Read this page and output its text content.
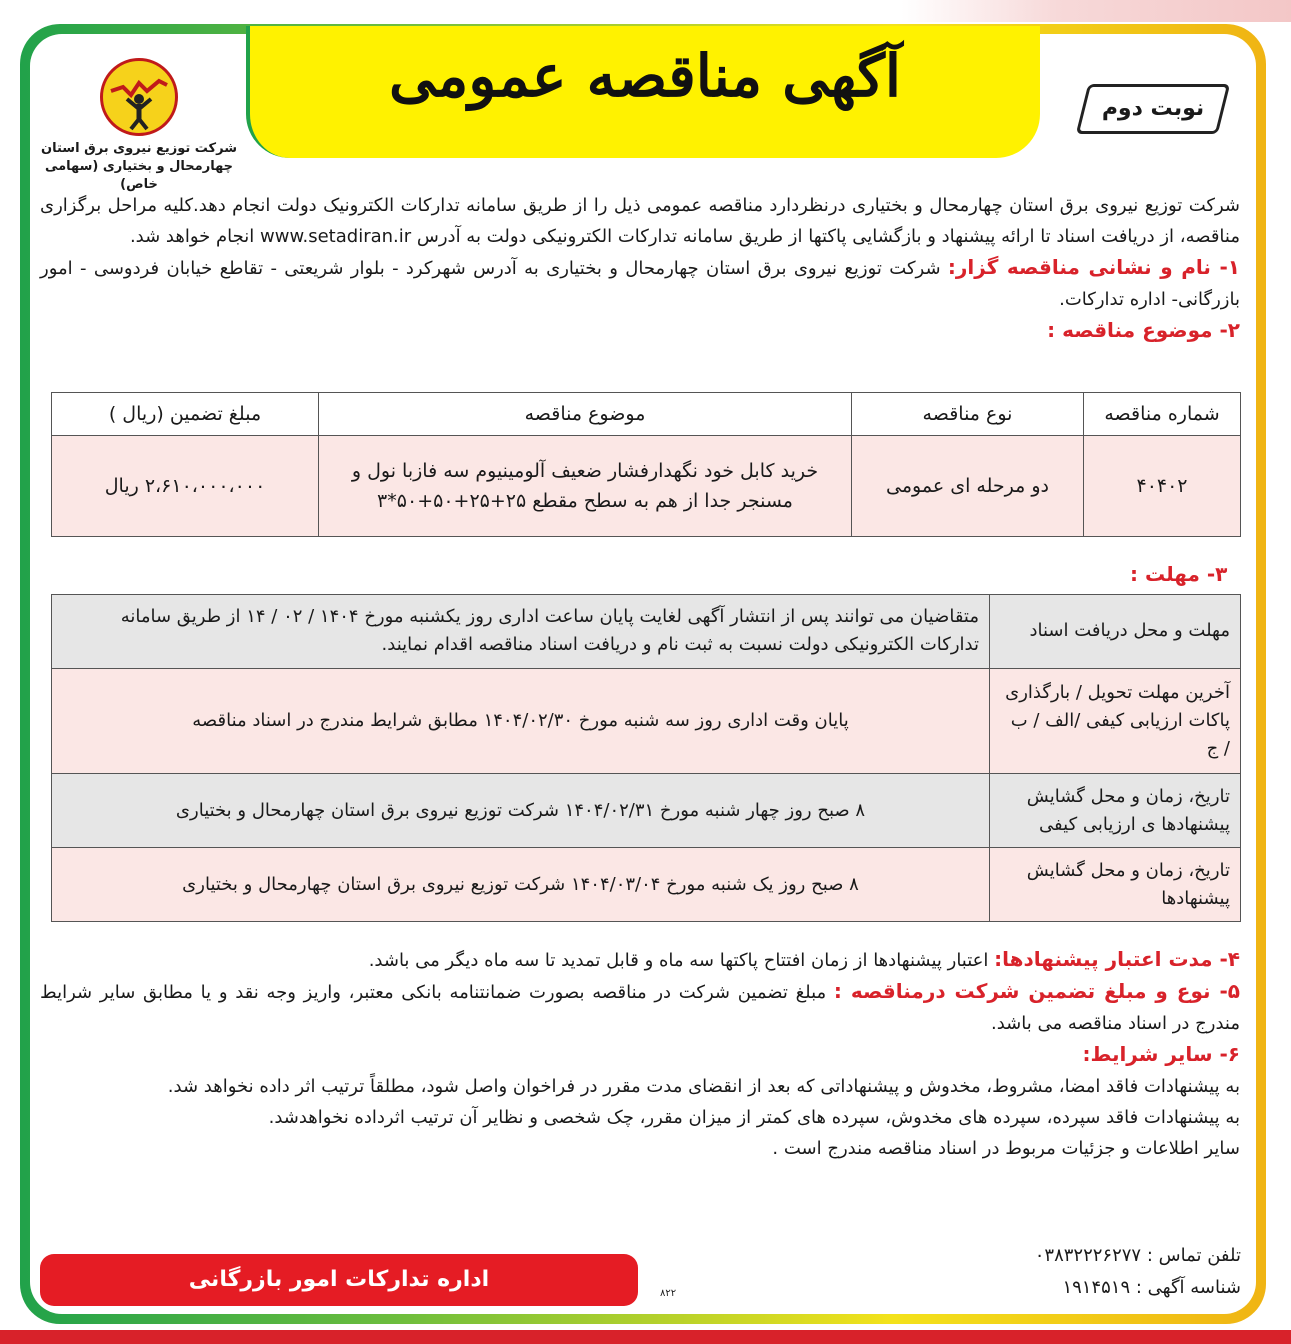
آگهی مناقصه عمومی	نوبت دوم
شرکت توزیع نیروی برق استان
چهارمحال و بختیاری (سهامی خاص)

شرکت توزیع نیروی برق استان چهارمحال و بختیاری درنظردارد مناقصه عمومی ذیل را از طریق سامانه تدارکات الکترونیک دولت انجام دهد.کلیه مراحل برگزاری مناقصه، از دریافت اسناد تا ارائه پیشنهاد و بازگشایی پاکتها از طریق سامانه تدارکات الکترونیکی دولت به آدرس www.setadiran.ir انجام خواهد شد.

۱- نام و نشانی مناقصه گزار: شرکت توزیع نیروی برق استان چهارمحال و بختیاری به آدرس شهرکرد - بلوار شریعتی - تقاطع خیابان فردوسی - امور بازرگانی- اداره تدارکات.

۲- موضوع مناقصه :

شماره مناقصه	نوع مناقصه	موضوع مناقصه	مبلغ تضمین (ریال )
۴۰۴۰۲	دو مرحله ای عمومی	خرید کابل خود نگهدارفشار ضعیف آلومینیوم سه فازبا نول و مسنجر جدا از هم به سطح مقطع ۲۵+۲۵+۵۰+۵۰*۳	۲،۶۱۰،۰۰۰،۰۰۰ ریال
۳- مهلت :
مهلت و محل دریافت اسناد	متقاضیان می توانند پس از انتشار آگهی لغایت پایان ساعت اداری روز یکشنبه مورخ ۱۴۰۴ / ۰۲ / ۱۴ از طریق سامانه تدارکات الکترونیکی دولت نسبت به ثبت نام و دریافت اسناد مناقصه اقدام نمایند.
آخرین مهلت تحویل / بارگذاری پاکات ارزیابی کیفی /الف / ب / ج	پایان وقت اداری روز سه شنبه مورخ ۱۴۰۴/۰۲/۳۰ مطابق شرایط مندرج در اسناد مناقصه
تاریخ، زمان و محل گشایش پیشنهادها ی ارزیابی کیفی	۸ صبح روز چهار شنبه مورخ ۱۴۰۴/۰۲/۳۱ شرکت توزیع نیروی برق استان چهارمحال و بختیاری
تاریخ، زمان و محل گشایش پیشنهادها	۸ صبح روز یک شنبه مورخ ۱۴۰۴/۰۳/۰۴ شرکت توزیع نیروی برق استان چهارمحال و بختیاری

۴- مدت اعتبار پیشنهادها: اعتبار پیشنهادها از زمان افتتاح پاکتها سه ماه و قابل تمدید تا سه ماه دیگر می باشد.

۵- نوع و مبلغ تضمین شرکت درمناقصه : مبلغ تضمین شرکت در مناقصه بصورت ضمانتنامه بانکی معتبر، واریز وجه نقد و یا مطابق سایر شرایط مندرج در اسناد مناقصه می باشد.

۶- سایر شرایط:

به پیشنهادات فاقد امضا، مشروط، مخدوش و پیشنهاداتی که بعد از انقضای مدت مقرر در فراخوان واصل شود، مطلقاً ترتیب اثر داده نخواهد شد.

به پیشنهادات فاقد سپرده، سپرده های مخدوش، سپرده های کمتر از میزان مقرر، چک شخصی و نظایر آن ترتیب اثرداده نخواهدشد.

سایر اطلاعات و جزئیات مربوط در اسناد مناقصه مندرج است .

تلفن تماس : ۰۳۸۳۲۲۲۶۲۷۷
شناسه آگهی : ۱۹۱۴۵۱۹
اداره تدارکات امور بازرگانی
۸۲۲
